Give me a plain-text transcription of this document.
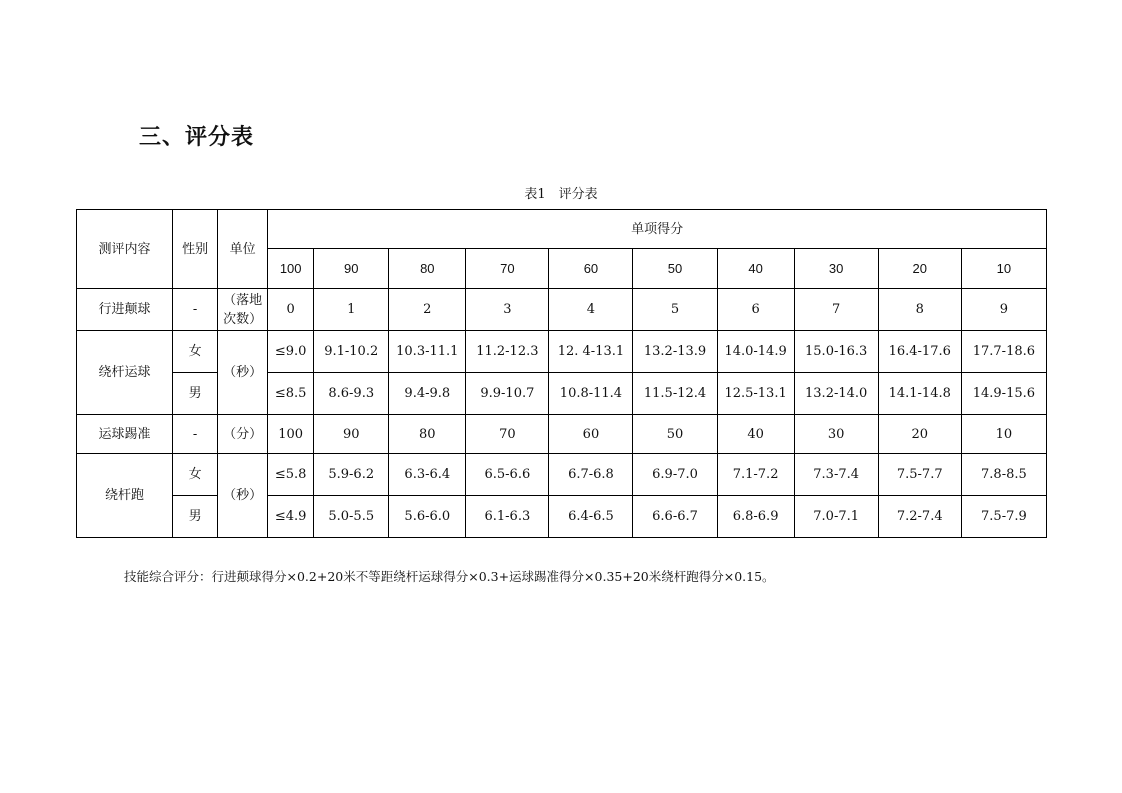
三、评分表
表1　评分表
测评内容	性别	单位	单项得分									
			100	90	80	70	60	50	40	30	20	10
行进颠球	-	（落地次数）	0	1	2	3	4	5	6	7	8	9
绕杆运球	女	（秒）	≤9.0	9.1-10.2	10.3-11.1	11.2-12.3	12. 4-13.1	13.2-13.9	14.0-14.9	15.0-16.3	16.4-17.6	17.7-18.6
	男		≤8.5	8.6-9.3	9.4-9.8	9.9-10.7	10.8-11.4	11.5-12.4	12.5-13.1	13.2-14.0	14.1-14.8	14.9-15.6
运球踢准	-	（分）	100	90	80	70	60	50	40	30	20	10
绕杆跑	女	（秒）	≤5.8	5.9-6.2	6.3-6.4	6.5-6.6	6.7-6.8	6.9-7.0	7.1-7.2	7.3-7.4	7.5-7.7	7.8-8.5
	男		≤4.9	5.0-5.5	5.6-6.0	6.1-6.3	6.4-6.5	6.6-6.7	6.8-6.9	7.0-7.1	7.2-7.4	7.5-7.9
技能综合评分：行进颠球得分×0.2+20米不等距绕杆运球得分×0.3+运球踢准得分×0.35+20米绕杆跑得分×0.15。
